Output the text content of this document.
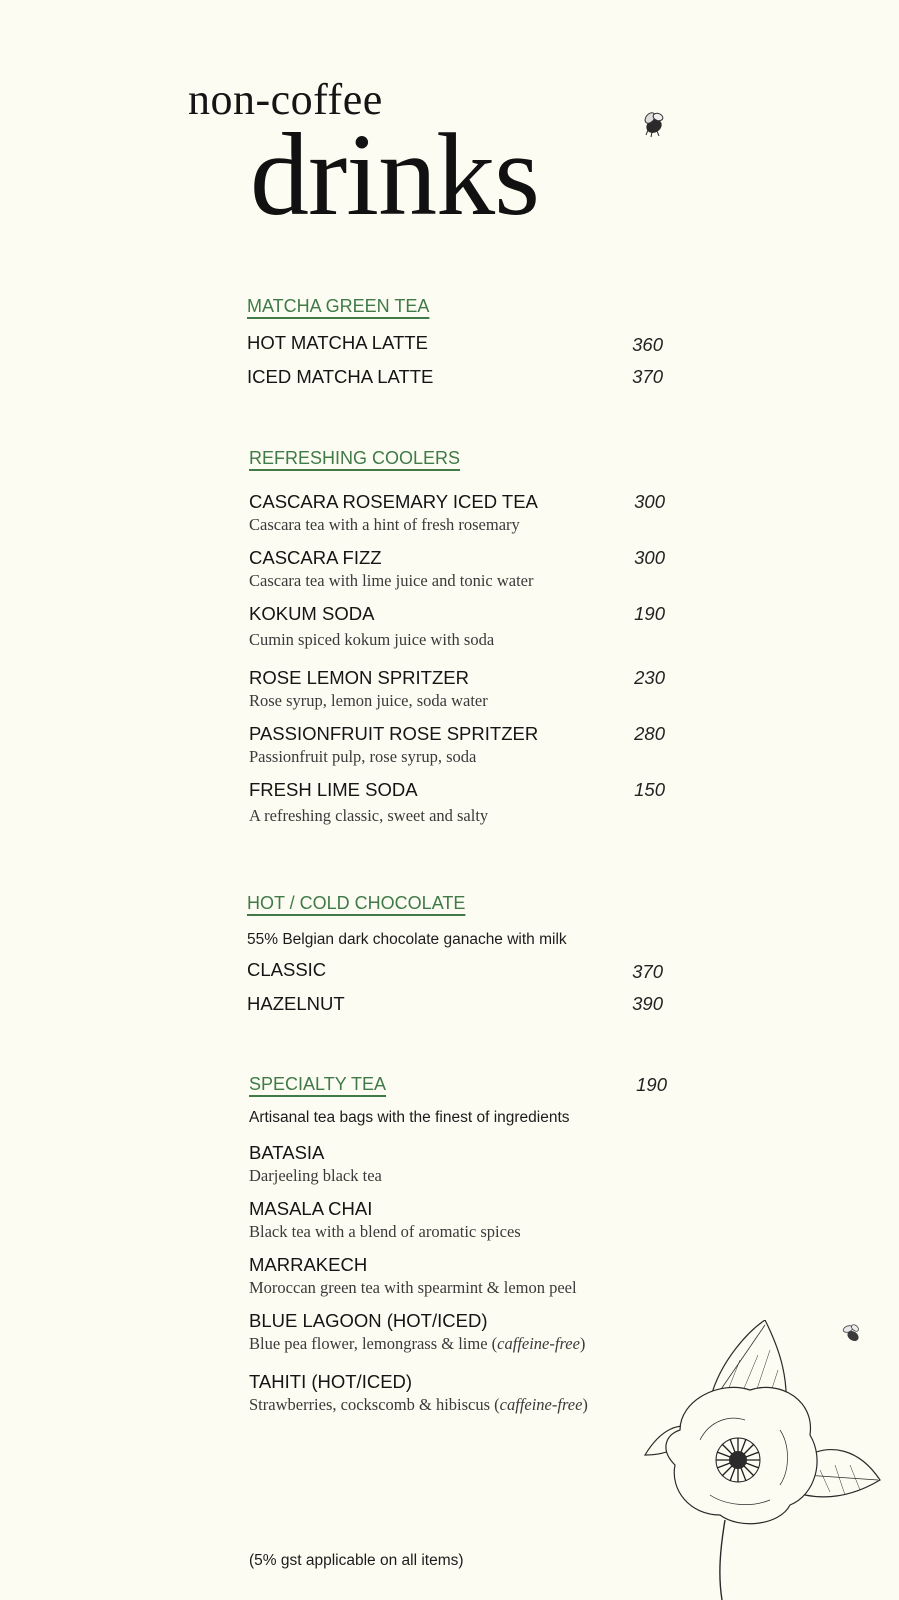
non-coffee
drinks
MATCHA GREEN TEA
HOT MATCHA LATTE	360
ICED MATCHA LATTE	370
REFRESHING COOLERS
CASCARA ROSEMARY ICED TEA	300
Cascara tea with a hint of fresh rosemary
CASCARA FIZZ	300
Cascara tea with lime juice and tonic water
KOKUM SODA	190
Cumin spiced kokum juice with soda
ROSE LEMON SPRITZER	230
Rose syrup, lemon juice, soda water
PASSIONFRUIT ROSE SPRITZER	280
Passionfruit pulp, rose syrup, soda
FRESH LIME SODA	150
A refreshing classic, sweet and salty
HOT / COLD CHOCOLATE
55% Belgian dark chocolate ganache with milk
CLASSIC	370
HAZELNUT	390
SPECIALTY TEA	190
Artisanal tea bags with the finest of ingredients
BATASIA
Darjeeling black tea
MASALA CHAI
Black tea with a blend of aromatic spices
MARRAKECH
Moroccan green tea with spearmint & lemon peel
BLUE LAGOON (HOT/ICED)
Blue pea flower, lemongrass & lime (caffeine-free)
TAHITI (HOT/ICED)
Strawberries, cockscomb & hibiscus (caffeine-free)
(5% gst applicable on all items)
